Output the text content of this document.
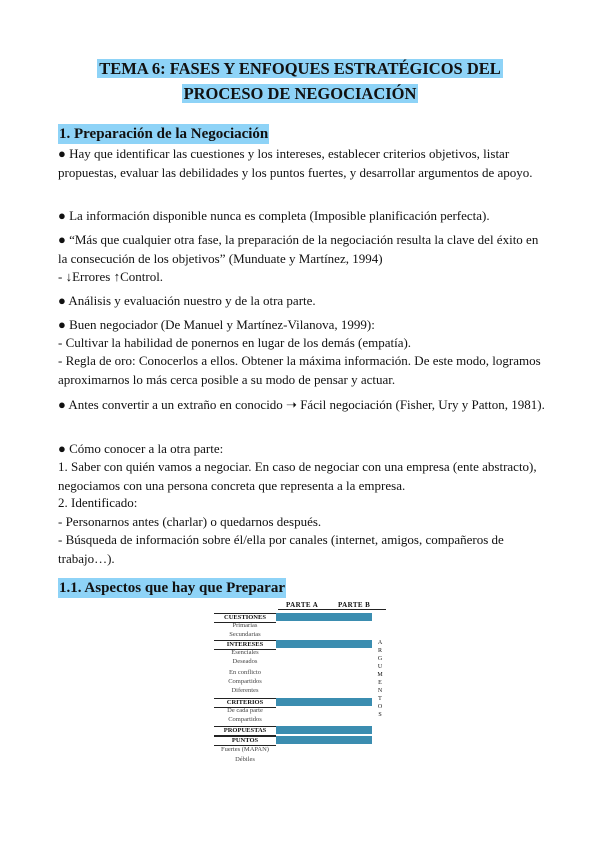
TEMA 6: FASES Y ENFOQUES ESTRATÉGICOS DEL
PROCESO DE NEGOCIACIÓN
1. Preparación de la Negociación

● Hay que identificar las cuestiones y los intereses, establecer criterios objetivos, listar propuestas, evaluar las debilidades y los puntos fuertes, y desarrollar argumentos de apoyo.

● La información disponible nunca es completa (Imposible planificación perfecta).

● “Más que cualquier otra fase, la preparación de la negociación resulta la clave del éxito en la consecución de los objetivos” (Munduate y Martínez, 1994)

- ↓Errores ↑Control.

● Análisis y evaluación nuestro y de la otra parte.

● Buen negociador (De Manuel y Martínez-Vilanova, 1999):

- Cultivar la habilidad de ponernos en lugar de los demás (empatía).

- Regla de oro: Conocerlos a ellos. Obtener la máxima información. De este modo, logramos aproximarnos lo más cerca posible a su modo de pensar y actuar.

● Antes convertir a un extraño en conocido ➝ Fácil negociación (Fisher, Ury y Patton, 1981).

● Cómo conocer a la otra parte:

1. Saber con quién vamos a negociar. En caso de negociar con una empresa (ente abstracto), negociamos con una persona concreta que representa a la empresa.

2. Identificado:

- Personarnos antes (charlar) o quedarnos después.

- Búsqueda de información sobre él/ella por canales (internet, amigos, compañeros de trabajo…).

1.1. Aspectos que hay que Preparar
PARTE A	PARTE B
CUESTIONES
Primarias
Secundarias
INTERESES
Esenciales
Deseados
En conflicto
Compartidos
Diferentes
CRITERIOS
De cada parte
Compartidos
PROPUESTAS
PUNTOS
Fuertes (MAPAN)
Débiles
A
R
G
U
M
E
N
T
O
S
